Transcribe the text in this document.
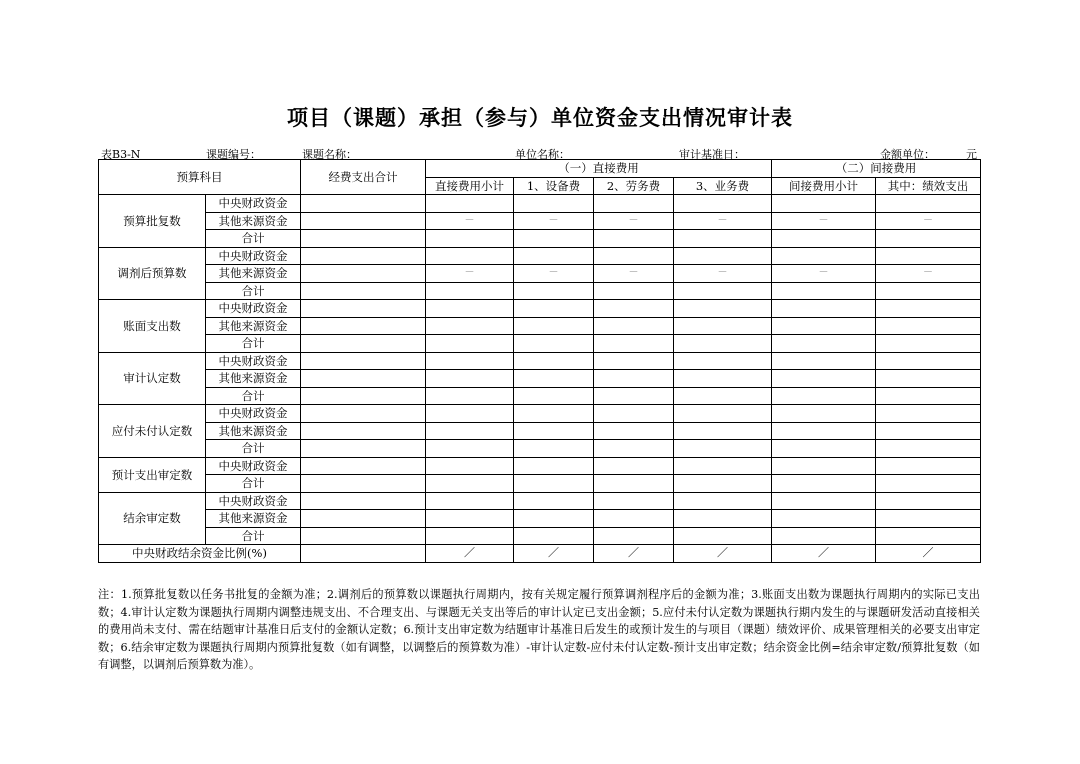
项目（课题）承担（参与）单位资金支出情况审计表
表B3-N	课题编号：	课题名称：	单位名称：	审计基准日：	金额单位：	元
预算科目		经费支出合计	（一）直接费用				（二）间接费用	
			直接费用小计	1、设备费	2、劳务费	3、业务费	间接费用小计	其中：绩效支出
预算批复数	中央财政资金							
	其他来源资金		－	－	－	－	－	－
	合计							
调剂后预算数	中央财政资金							
	其他来源资金		－	－	－	－	－	－
	合计							
账面支出数	中央财政资金							
	其他来源资金							
	合计							
审计认定数	中央财政资金							
	其他来源资金							
	合计							
应付未付认定数	中央财政资金							
	其他来源资金							
	合计							
预计支出审定数	中央财政资金							
	合计							
结余审定数	中央财政资金							
	其他来源资金							
	合计							
中央财政结余资金比例(%)			／	／	／	／	／	／
注：1.预算批复数以任务书批复的金额为准；2.调剂后的预算数以课题执行周期内，按有关规定履行预算调剂程序后的金额为准；3.账面支出数为课题执行周期内的实际已支出数；4.审计认定数为课题执行周期内调整违规支出、不合理支出、与课题无关支出等后的审计认定已支出金额；5.应付未付认定数为课题执行期内发生的与课题研发活动直接相关的费用尚未支付、需在结题审计基准日后支付的金额认定数；6.预计支出审定数为结题审计基准日后发生的或预计发生的与项目（课题）绩效评价、成果管理相关的必要支出审定数；6.结余审定数为课题执行周期内预算批复数（如有调整，以调整后的预算数为准）-审计认定数-应付未付认定数-预计支出审定数；结余资金比例=结余审定数/预算批复数（如有调整，以调剂后预算数为准）。
